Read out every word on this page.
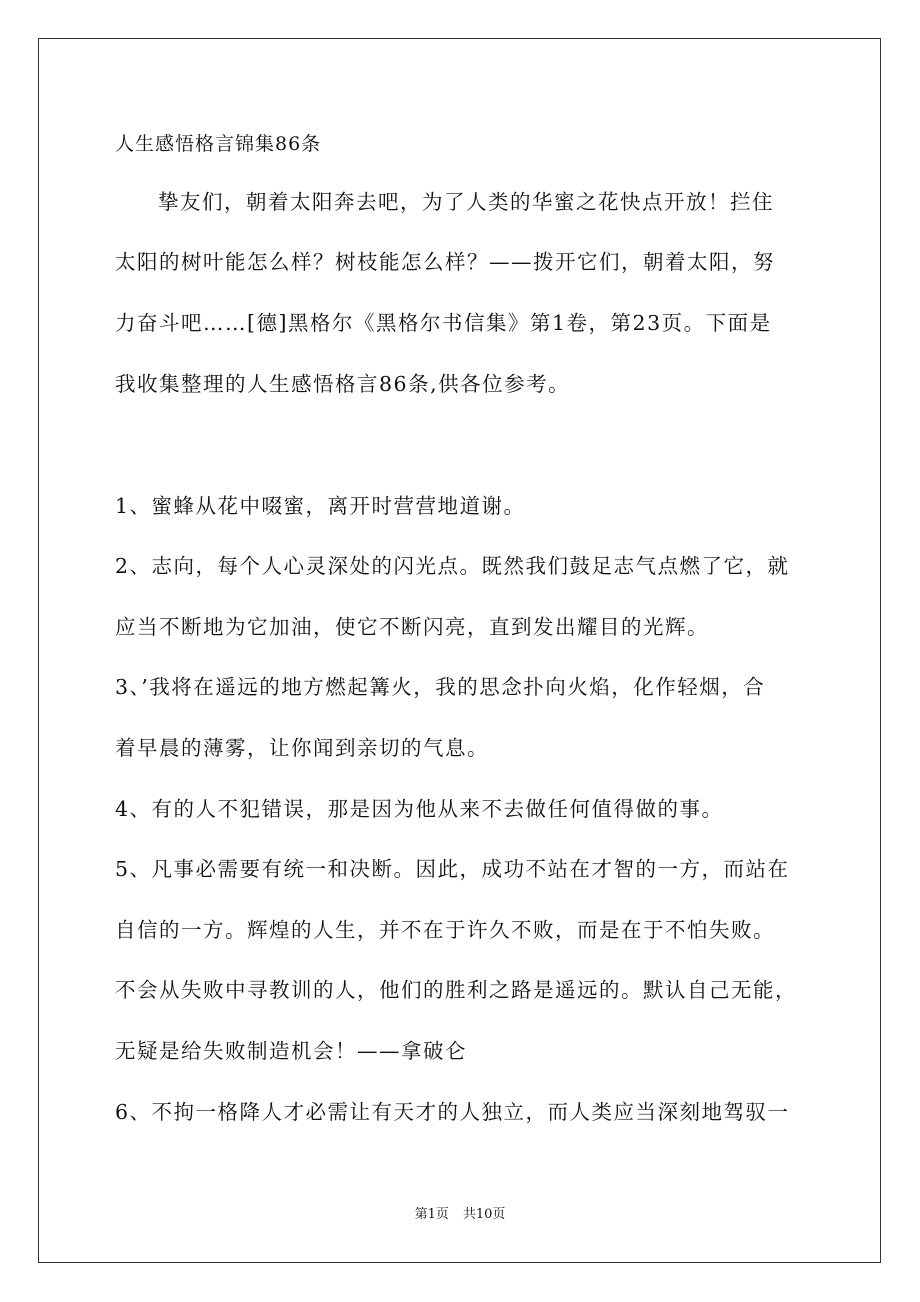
人生感悟格言锦集86条
挚友们，朝着太阳奔去吧，为了人类的华蜜之花快点开放！拦住
太阳的树叶能怎么样？树枝能怎么样？——拨开它们，朝着太阳，努
力奋斗吧……[德]黑格尔《黑格尔书信集》第1卷，第23页。下面是
我收集整理的人生感悟格言86条,供各位参考。
1、蜜蜂从花中啜蜜，离开时营营地道谢。
2、志向，每个人心灵深处的闪光点。既然我们鼓足志气点燃了它，就
应当不断地为它加油，使它不断闪亮，直到发出耀目的光辉。
3、’我将在遥远的地方燃起篝火，我的思念扑向火焰，化作轻烟，合
着早晨的薄雾，让你闻到亲切的气息。
4、有的人不犯错误，那是因为他从来不去做任何值得做的事。
5、凡事必需要有统一和决断。因此，成功不站在才智的一方，而站在
自信的一方。辉煌的人生，并不在于许久不败，而是在于不怕失败。
不会从失败中寻教训的人，他们的胜利之路是遥远的。默认自己无能，
无疑是给失败制造机会！——拿破仑
6、不拘一格降人才必需让有天才的人独立，而人类应当深刻地驾驭一
第1页 共10页
